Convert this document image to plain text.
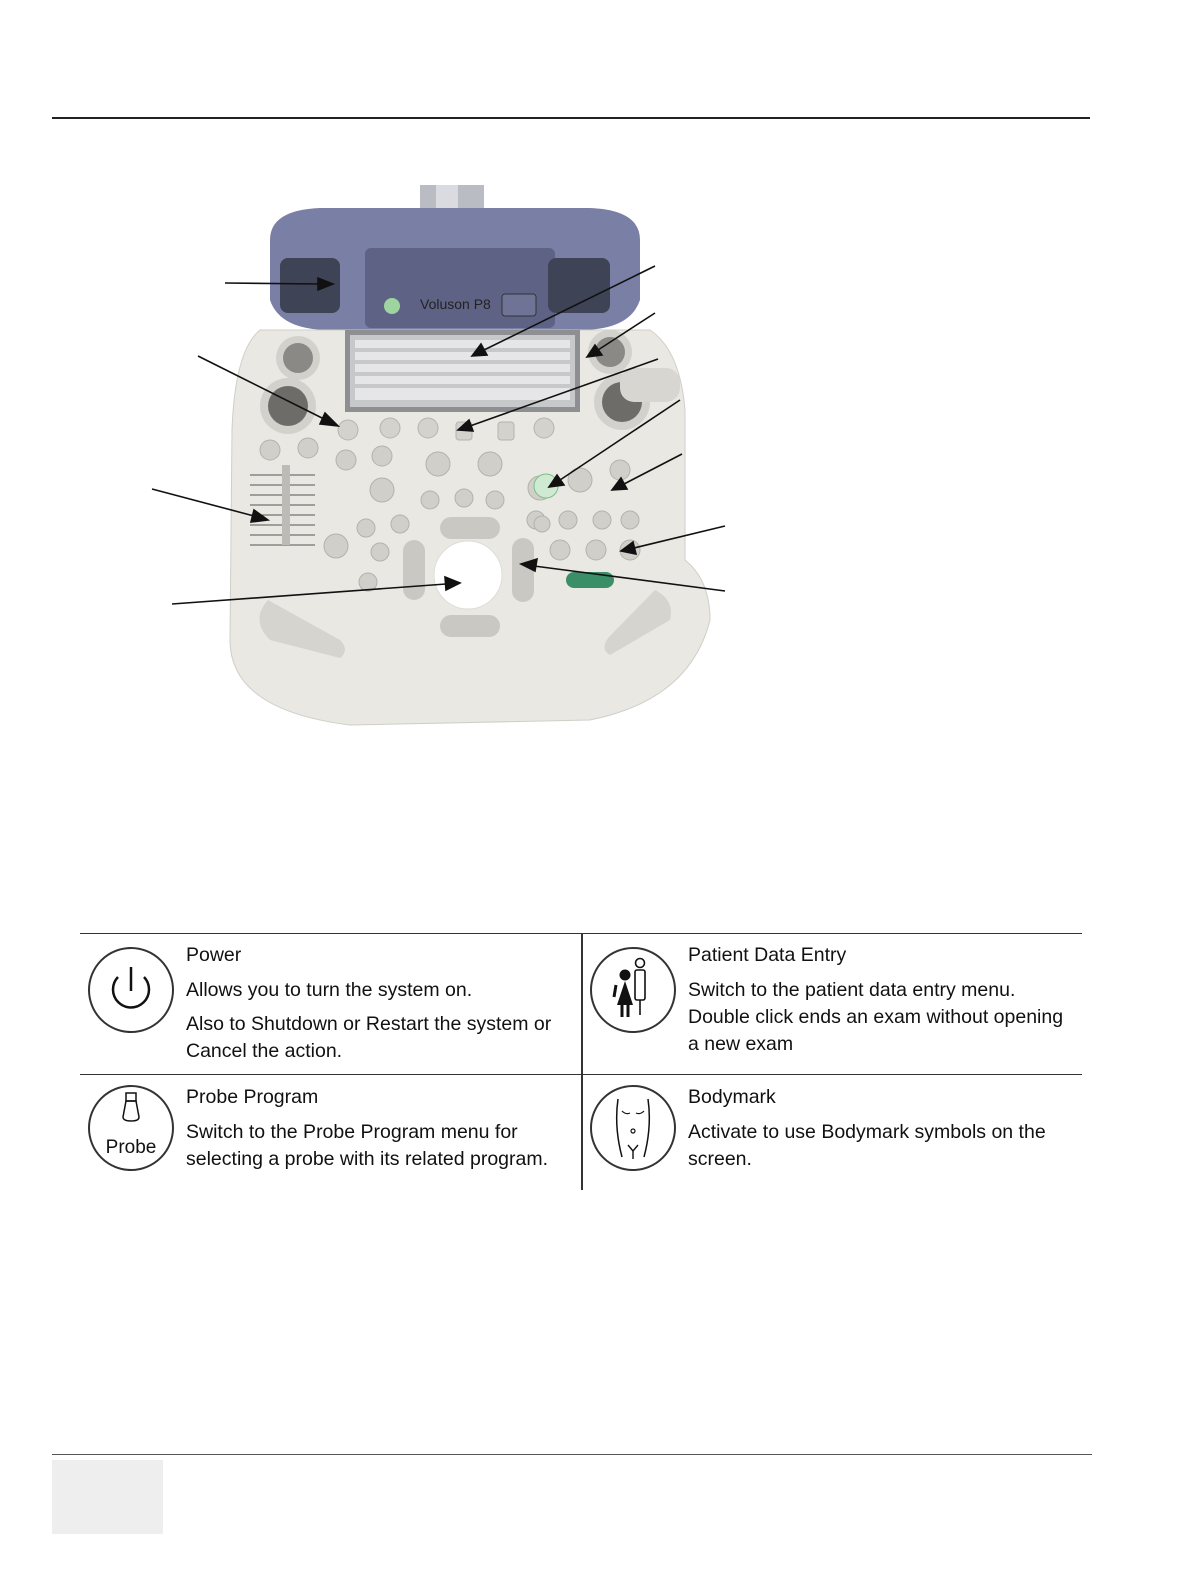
Voluson P8
Power
Allows you to turn the system on.
Also to Shutdown or Restart the system or Cancel the action.
Patient Data Entry
Switch to the patient data entry menu. Double click ends an exam without opening a new exam
Probe
Probe Program
Switch to the Probe Program menu for selecting a probe with its related program.
Bodymark
Activate to use Bodymark symbols on the screen.
